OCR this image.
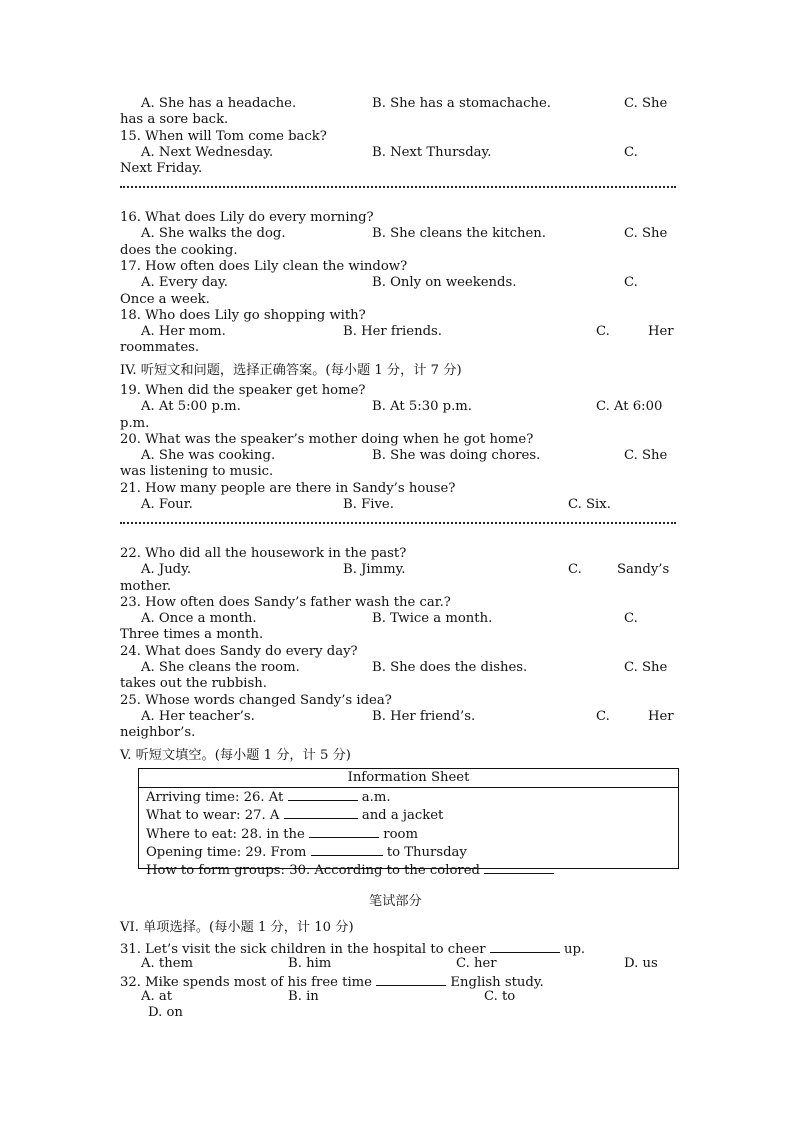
A. She has a headache.	B. She has a stomachache.	C. She
has a sore back.
15. When will Tom come back?
A. Next Wednesday.	B. Next Thursday.	C.
Next Friday.
16. What does Lily do every morning?
A. She walks the dog.	B. She cleans the kitchen.	C. She
does the cooking.
17. How often does Lily clean the window?
A. Every day.	B. Only on weekends.	C.
Once a week.
18. Who does Lily go shopping with?
A. Her mom.	B. Her friends.	C.	Her
roommates.
IV. 听短文和问题，选择正确答案。(每小题 1 分，计 7 分)
19. When did the speaker get home?
A. At 5:00 p.m.	B. At 5:30 p.m.	C. At 6:00
p.m.
20. What was the speaker’s mother doing when he got home?
A. She was cooking.	B. She was doing chores.	C. She
was listening to music.
21. How many people are there in Sandy’s house?
A. Four.	B. Five.	C. Six.
22. Who did all the housework in the past?
A. Judy.	B. Jimmy.	C.	Sandy’s
mother.
23. How often does Sandy’s father wash the car.?
A. Once a month.	B. Twice a month.	C.
Three times a month.
24. What does Sandy do every day?
A. She cleans the room.	B. She does the dishes.	C. She
takes out the rubbish.
25. Whose words changed Sandy’s idea?
A. Her teacher’s.	B. Her friend’s.	C.	Her
neighbor’s.
V. 听短文填空。(每小题 1 分，计 5 分)
Information Sheet
Arriving time: 26. At	a.m.
What to wear: 27. A	and a jacket
Where to eat: 28. in the	room
Opening time: 29. From	to Thursday
How to form groups: 30. According to the colored
笔试部分
VI. 单项选择。(每小题 1 分，计 10 分)
31. Let’s visit the sick children in the hospital to cheer	up.
A. them	B. him	C. her	D. us
32. Mike spends most of his free time	English study.
A. at	B. in	C. to
D. on
